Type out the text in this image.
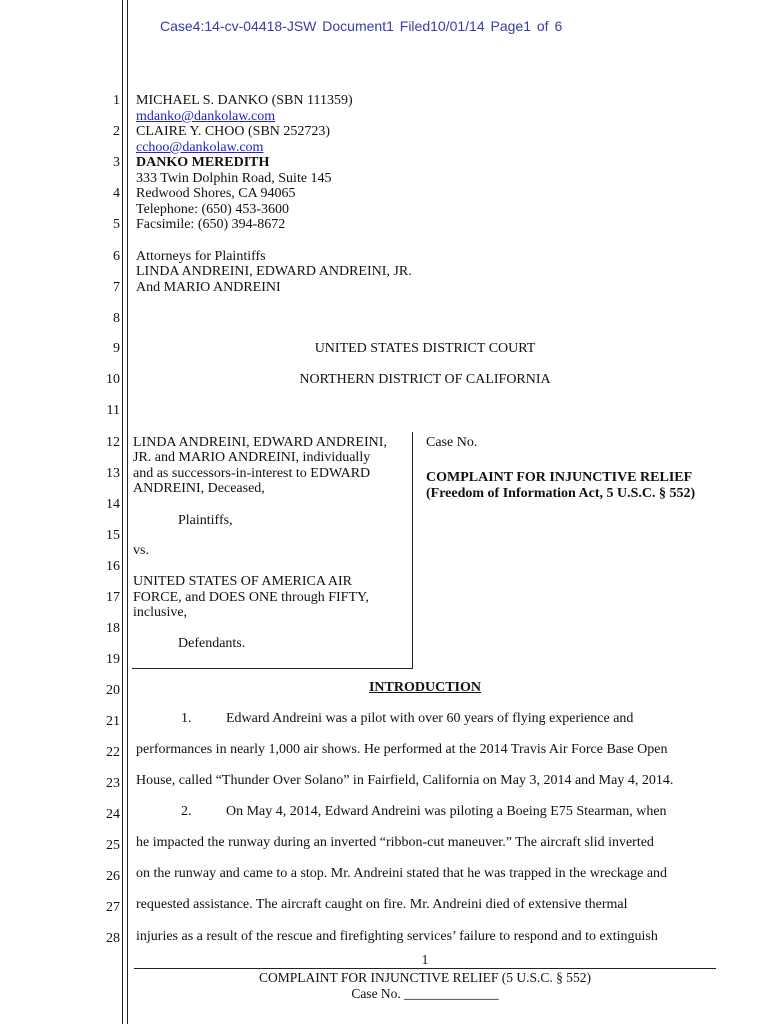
Case4:14-cv-04418-JSW Document1 Filed10/01/14 Page1 of 6
1
2
3
4
5
6
7
8
9
10
11
12
13
14
15
16
17
18
19
20
21
22
23
24
25
26
27
28
MICHAEL S. DANKO (SBN 111359)
mdanko@dankolaw.com
CLAIRE Y. CHOO (SBN 252723)
cchoo@dankolaw.com
DANKO MEREDITH
333 Twin Dolphin Road, Suite 145
Redwood Shores, CA 94065
Telephone: (650) 453-3600
Facsimile: (650) 394-8672
Attorneys for Plaintiffs
LINDA ANDREINI, EDWARD ANDREINI, JR.
And MARIO ANDREINI
UNITED STATES DISTRICT COURT
NORTHERN DISTRICT OF CALIFORNIA
LINDA ANDREINI, EDWARD ANDREINI,
JR. and MARIO ANDREINI, individually
and as successors-in-interest to EDWARD
ANDREINI, Deceased,
Plaintiffs,
vs.
UNITED STATES OF AMERICA AIR
FORCE, and DOES ONE through FIFTY,
inclusive,
Defendants.
Case No.
COMPLAINT FOR INJUNCTIVE RELIEF
(Freedom of Information Act, 5 U.S.C. § 552)
INTRODUCTION
1. Edward Andreini was a pilot with over 60 years of flying experience and
performances in nearly 1,000 air shows. He performed at the 2014 Travis Air Force Base Open
House, called “Thunder Over Solano” in Fairfield, California on May 3, 2014 and May 4, 2014.
2. On May 4, 2014, Edward Andreini was piloting a Boeing E75 Stearman, when
he impacted the runway during an inverted “ribbon-cut maneuver.” The aircraft slid inverted
on the runway and came to a stop. Mr. Andreini stated that he was trapped in the wreckage and
requested assistance. The aircraft caught on fire. Mr. Andreini died of extensive thermal
injuries as a result of the rescue and firefighting services’ failure to respond and to extinguish
1
COMPLAINT FOR INJUNCTIVE RELIEF (5 U.S.C. § 552)
Case No. ______________
